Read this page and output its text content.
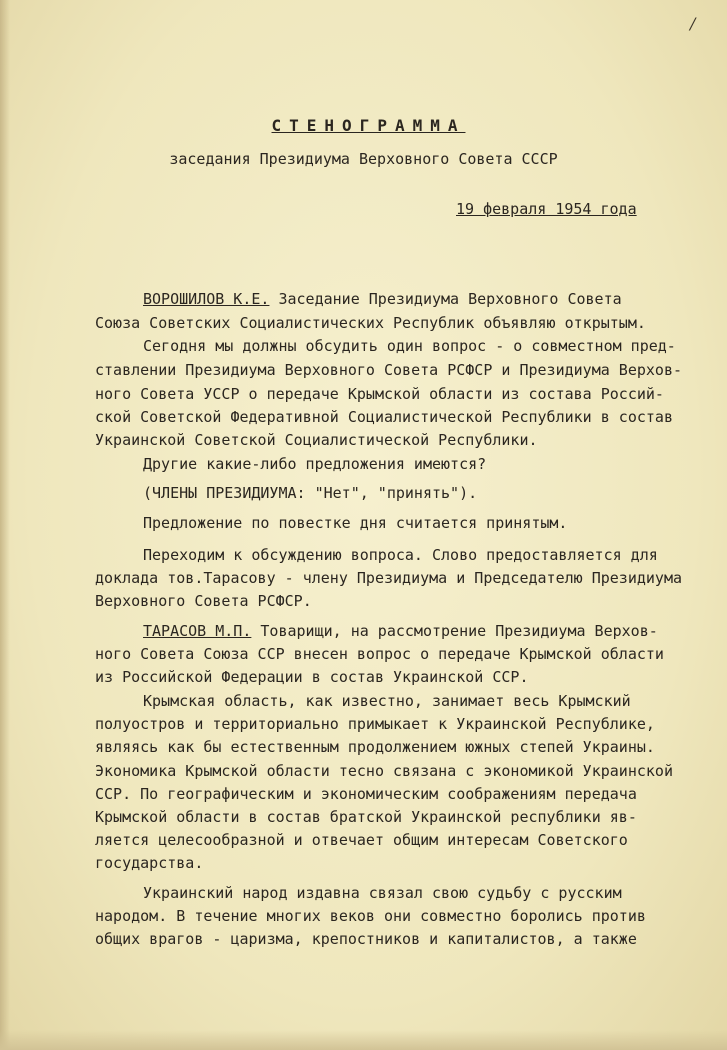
/
СТЕНОГРАММА
заседания Президиума Верховного Совета СССР
19 февраля 1954 года
ВОРОШИЛОВ К.Е. Заседание Президиума Верховного Совета
Союза Советских Социалистических Республик объявляю открытым.
Сегодня мы должны обсудить один вопрос - о совместном пред-
ставлении Президиума Верховного Совета РСФСР и Президиума Верхов-
ного Совета УССР о передаче Крымской области из состава Россий-
ской Советской Федеративной Социалистической Республики в состав
Украинской Советской Социалистической Республики.
Другие какие-либо предложения имеются?
(ЧЛЕНЫ ПРЕЗИДИУМА: "Нет", "принять").
Предложение по повестке дня считается принятым.
Переходим к обсуждению вопроса. Слово предоставляется для
доклада тов.Тарасову - члену Президиума и Председателю Президиума
Верховного Совета РСФСР.
ТАРАСОВ М.П. Товарищи, на рассмотрение Президиума Верхов-
ного Совета Союза ССР внесен вопрос о передаче Крымской области
из Российской Федерации в состав Украинской ССР.
Крымская область, как известно, занимает весь Крымский
полуостров и территориально примыкает к Украинской Республике,
являясь как бы естественным продолжением южных степей Украины.
Экономика Крымской области тесно связана с экономикой Украинской
ССР. По географическим и экономическим соображениям передача
Крымской области в состав братской Украинской республики яв-
ляется целесообразной и отвечает общим интересам Советского
государства.
Украинский народ издавна связал свою судьбу с русским
народом. В течение многих веков они совместно боролись против
общих врагов - царизма, крепостников и капиталистов, а также
